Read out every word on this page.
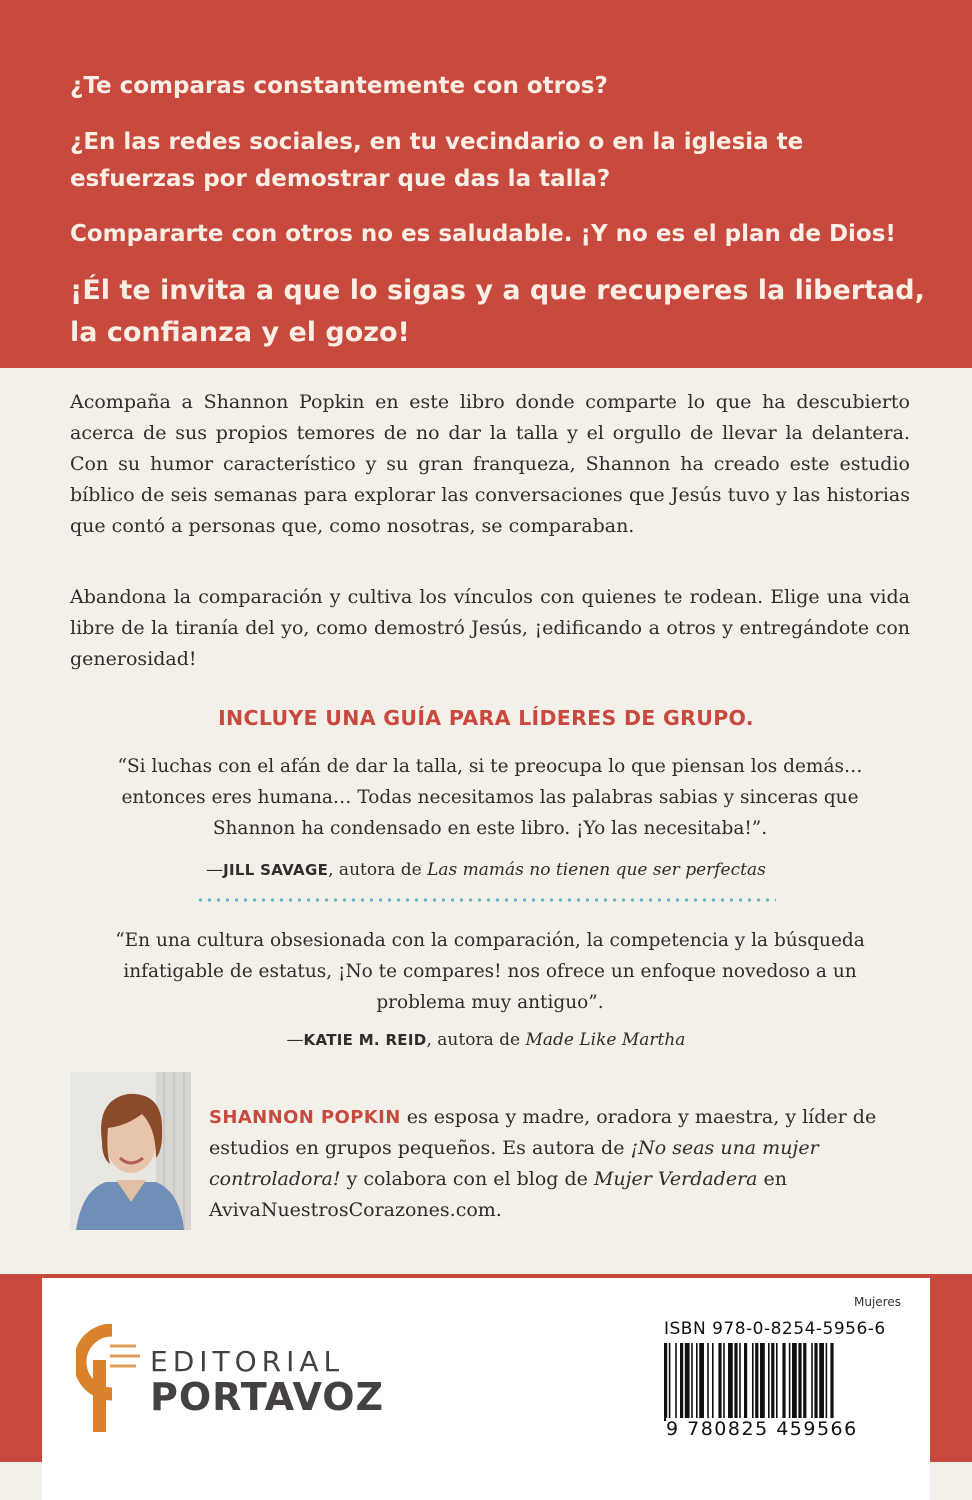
¿Te comparas constantemente con otros?

¿En las redes sociales, en tu vecindario o en la iglesia te esfuerzas por demostrar que das la talla?

Compararte con otros no es saludable. ¡Y no es el plan de Dios!

¡Él te invita a que lo sigas y a que recuperes la libertad, la confianza y el gozo!

Acompaña a Shannon Popkin en este libro donde comparte lo que ha descubierto acerca de sus propios temores de no dar la talla y el orgullo de llevar la delantera. Con su humor característico y su gran franqueza, Shannon ha creado este estudio bíblico de seis semanas para explorar las conversaciones que Jesús tuvo y las historias que contó a personas que, como nosotras, se comparaban.

Abandona la comparación y cultiva los vínculos con quienes te rodean. Elige una vida libre de la tiranía del yo, como demostró Jesús, ¡edificando a otros y entregándote con generosidad!

INCLUYE UNA GUÍA PARA LÍDERES DE GRUPO.

“Si luchas con el afán de dar la talla, si te preocupa lo que piensan los demás… entonces eres humana… Todas necesitamos las palabras sabias y sinceras que Shannon ha condensado en este libro. ¡Yo las necesitaba!”.

—JILL SAVAGE, autora de Las mamás no tienen que ser perfectas

“En una cultura obsesionada con la comparación, la competencia y la búsqueda infatigable de estatus, ¡No te compares! nos ofrece un enfoque novedoso a un problema muy antiguo”.

—KATIE M. REID, autora de Made Like Martha

SHANNON POPKIN es esposa y madre, oradora y maestra, y líder de estudios en grupos pequeños. Es autora de ¡No seas una mujer controladora! y colabora con el blog de Mujer Verdadera en AvivaNuestrosCorazones.com.

EDITORIAL

PORTAVOZ

Mujeres

ISBN 978-0-8254-5956-6

9 780825 459566
